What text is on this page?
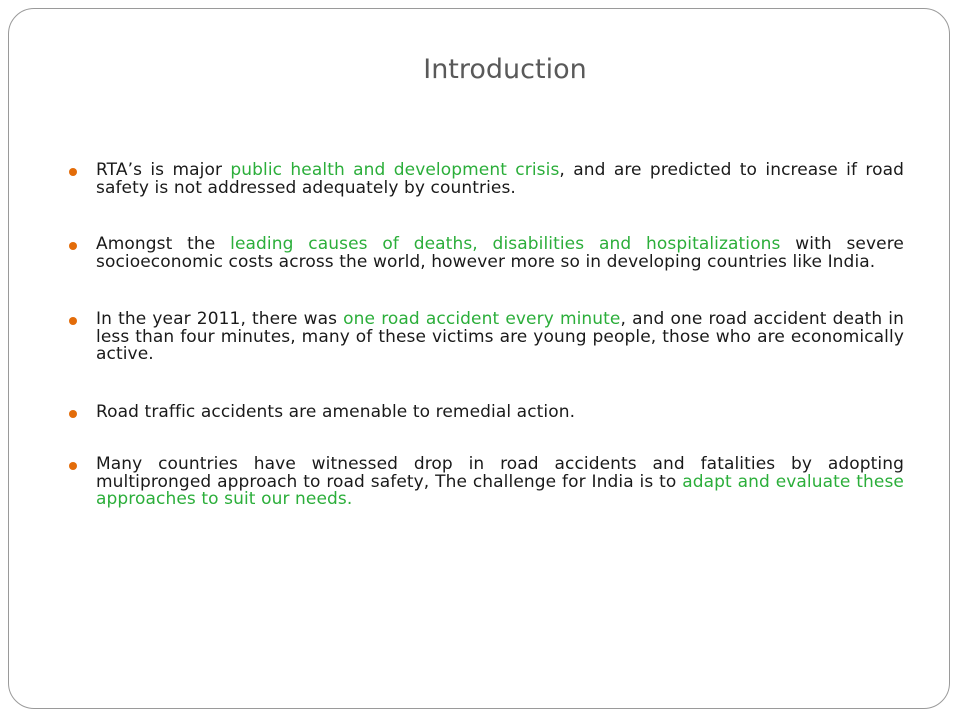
Introduction
RTA’s is major public health and development crisis, and are predicted to increase if road safety is not addressed adequately by countries.
Amongst the leading causes of deaths, disabilities and hospitalizations with severe socioeconomic costs across the world, however more so in developing countries like India.
In the year 2011, there was one road accident every minute, and one road accident death in less than four minutes, many of these victims are young people, those who are economically active.
Road traffic accidents are amenable to remedial action.
Many countries have witnessed drop in road accidents and fatalities by adopting multipronged approach to road safety, The challenge for India is to adapt and evaluate these approaches to suit our needs.
